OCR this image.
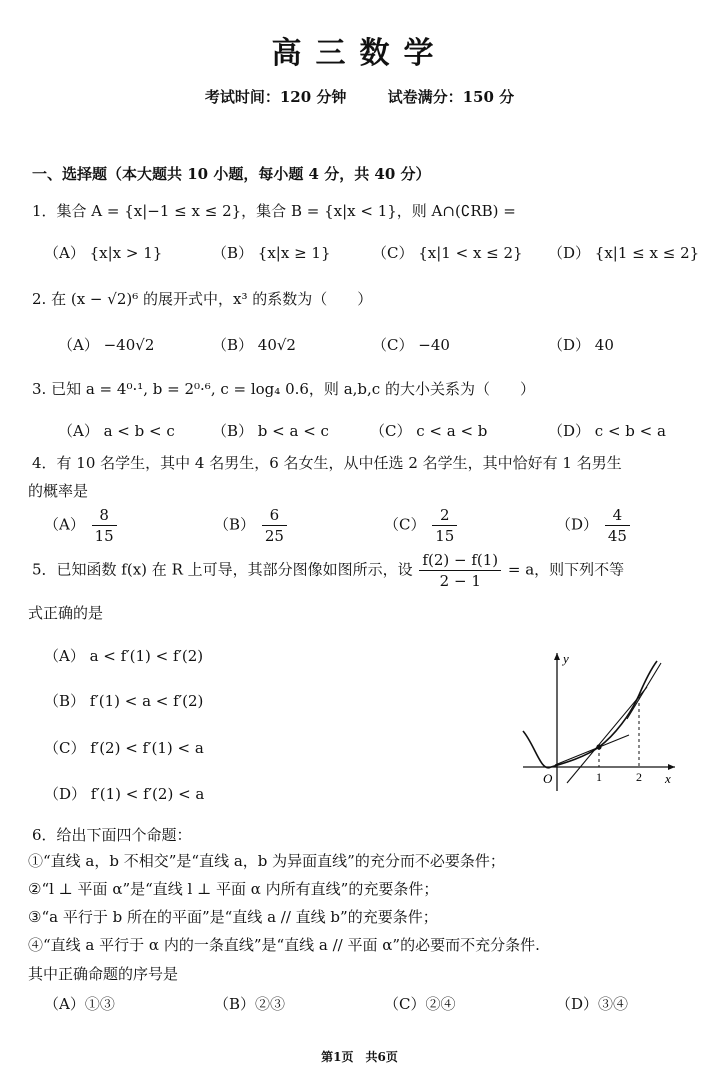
高三数学
考试时间：120 分钟	试卷满分：150 分
一、选择题（本大题共 10 小题，每小题 4 分，共 40 分）
1．集合 A = {x|−1 ≤ x ≤ 2}，集合 B = {x|x < 1}，则 A∩(∁RB) =
（A） {x|x > 1}	（B） {x|x ≥ 1}	（C） {x|1 < x ≤ 2} （D） {x|1 ≤ x ≤ 2}
2. 在 (x − √2)⁶ 的展开式中，x³ 的系数为（　　）
（A） −40√2	（B） 40√2	（C） −40	（D） 40
3. 已知 a = 4⁰·¹, b = 2⁰·⁶, c = log₄ 0.6，则 a,b,c 的大小关系为（　　）
（A） a < b < c （B） b < a < c	（C） c < a < b	（D） c < b < a
4．有 10 名学生，其中 4 名男生，6 名女生，从中任选 2 名学生，其中恰好有 1 名男生
的概率是
$(A) \frac{8}{15}$	$(B) \frac{6}{25}$	$(C) \frac{2}{15}$	$(D) \frac{4}{45}$
5．已知函数 f(x) 在 R 上可导，其部分图像如图所示，设 $\frac{f(2) - f(1)}{2 - 1} = a$，则下列不等
式正确的是
（A） a < f′(1) < f′(2)
（B） f′(1) < a < f′(2)
（C） f′(2) < f′(1) < a
（D） f′(1) < f′(2) < a
y
x
O	1	2
6．给出下面四个命题：
①“直线 a，b 不相交”是“直线 a，b 为异面直线”的充分而不必要条件；
②“l ⊥ 平面 α”是“直线 l ⊥ 平面 α 内所有直线”的充要条件；
③“a 平行于 b 所在的平面”是“直线 a // 直线 b”的充要条件；
④“直线 a 平行于 α 内的一条直线”是“直线 a // 平面 α”的必要而不充分条件.
其中正确命题的序号是
（A）①③	（B）②③	（C）②④	（D）③④
第1页　共6页
